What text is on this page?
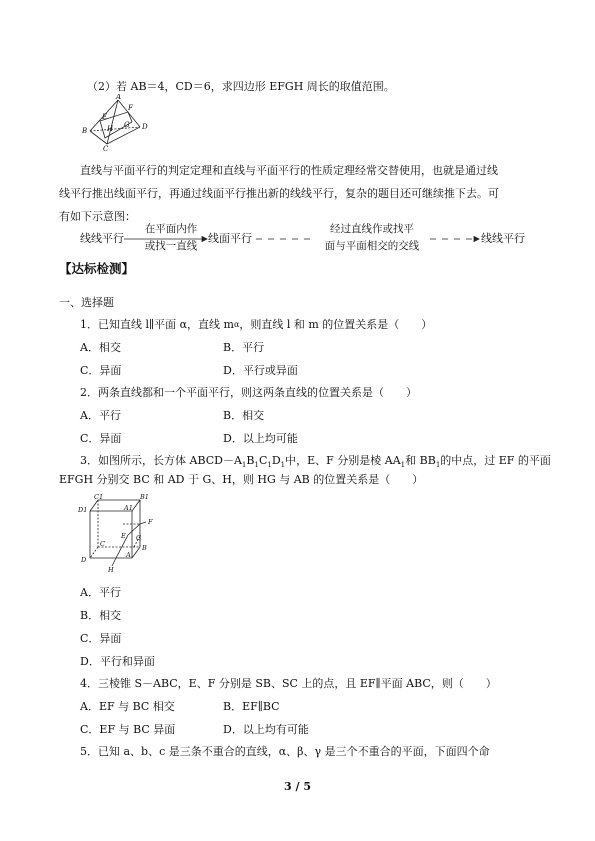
（2）若 AB＝4，CD＝6，求四边形 EFGH 周长的取值范围。
A
B
C
D
E
F
G
H
直线与平面平行的判定定理和直线与平面平行的性质定理经常交替使用，也就是通过线
线平行推出线面平行，再通过线面平行推出新的线线平行，复杂的题目还可继续推下去。可
有如下示意图：
线线平行
在平面内作
或找一直线
线面平行
经过直线作或找平
面与平面相交的交线
线线平行
【达标检测】
一、选择题
1．已知直线 l∥平面 α，直线 mα，则直线 l 和 m 的位置关系是（　　）
A．相交	B．平行
C．异面	D．平行或异面
2．两条直线都和一个平面平行，则这两条直线的位置关系是（　　）
A．平行	B．相交
C．异面	D．以上均可能
3．如图所示，长方体 $ABCD-A_1B_1C_1D_1$中，E、F 分别是棱 $AA_1$和 $BB_1$的中点，过 EF 的平面
EFGH 分别交 BC 和 AD 于 G、H，则 HG 与 AB 的位置关系是（　　）
C1	B1
D1	A1
F
E
C	B
G
D
A
H
A．平行
B．相交
C．异面
D．平行和异面
4．三棱锥 S－ABC，E、F 分别是 SB、SC 上的点，且 EF∥平面 ABC，则（　　）
A．EF 与 BC 相交	B．EF∥BC
C．EF 与 BC 异面	D．以上均有可能
5．已知 a、b、c 是三条不重合的直线，α、β、γ 是三个不重合的平面，下面四个命
3 / 5
